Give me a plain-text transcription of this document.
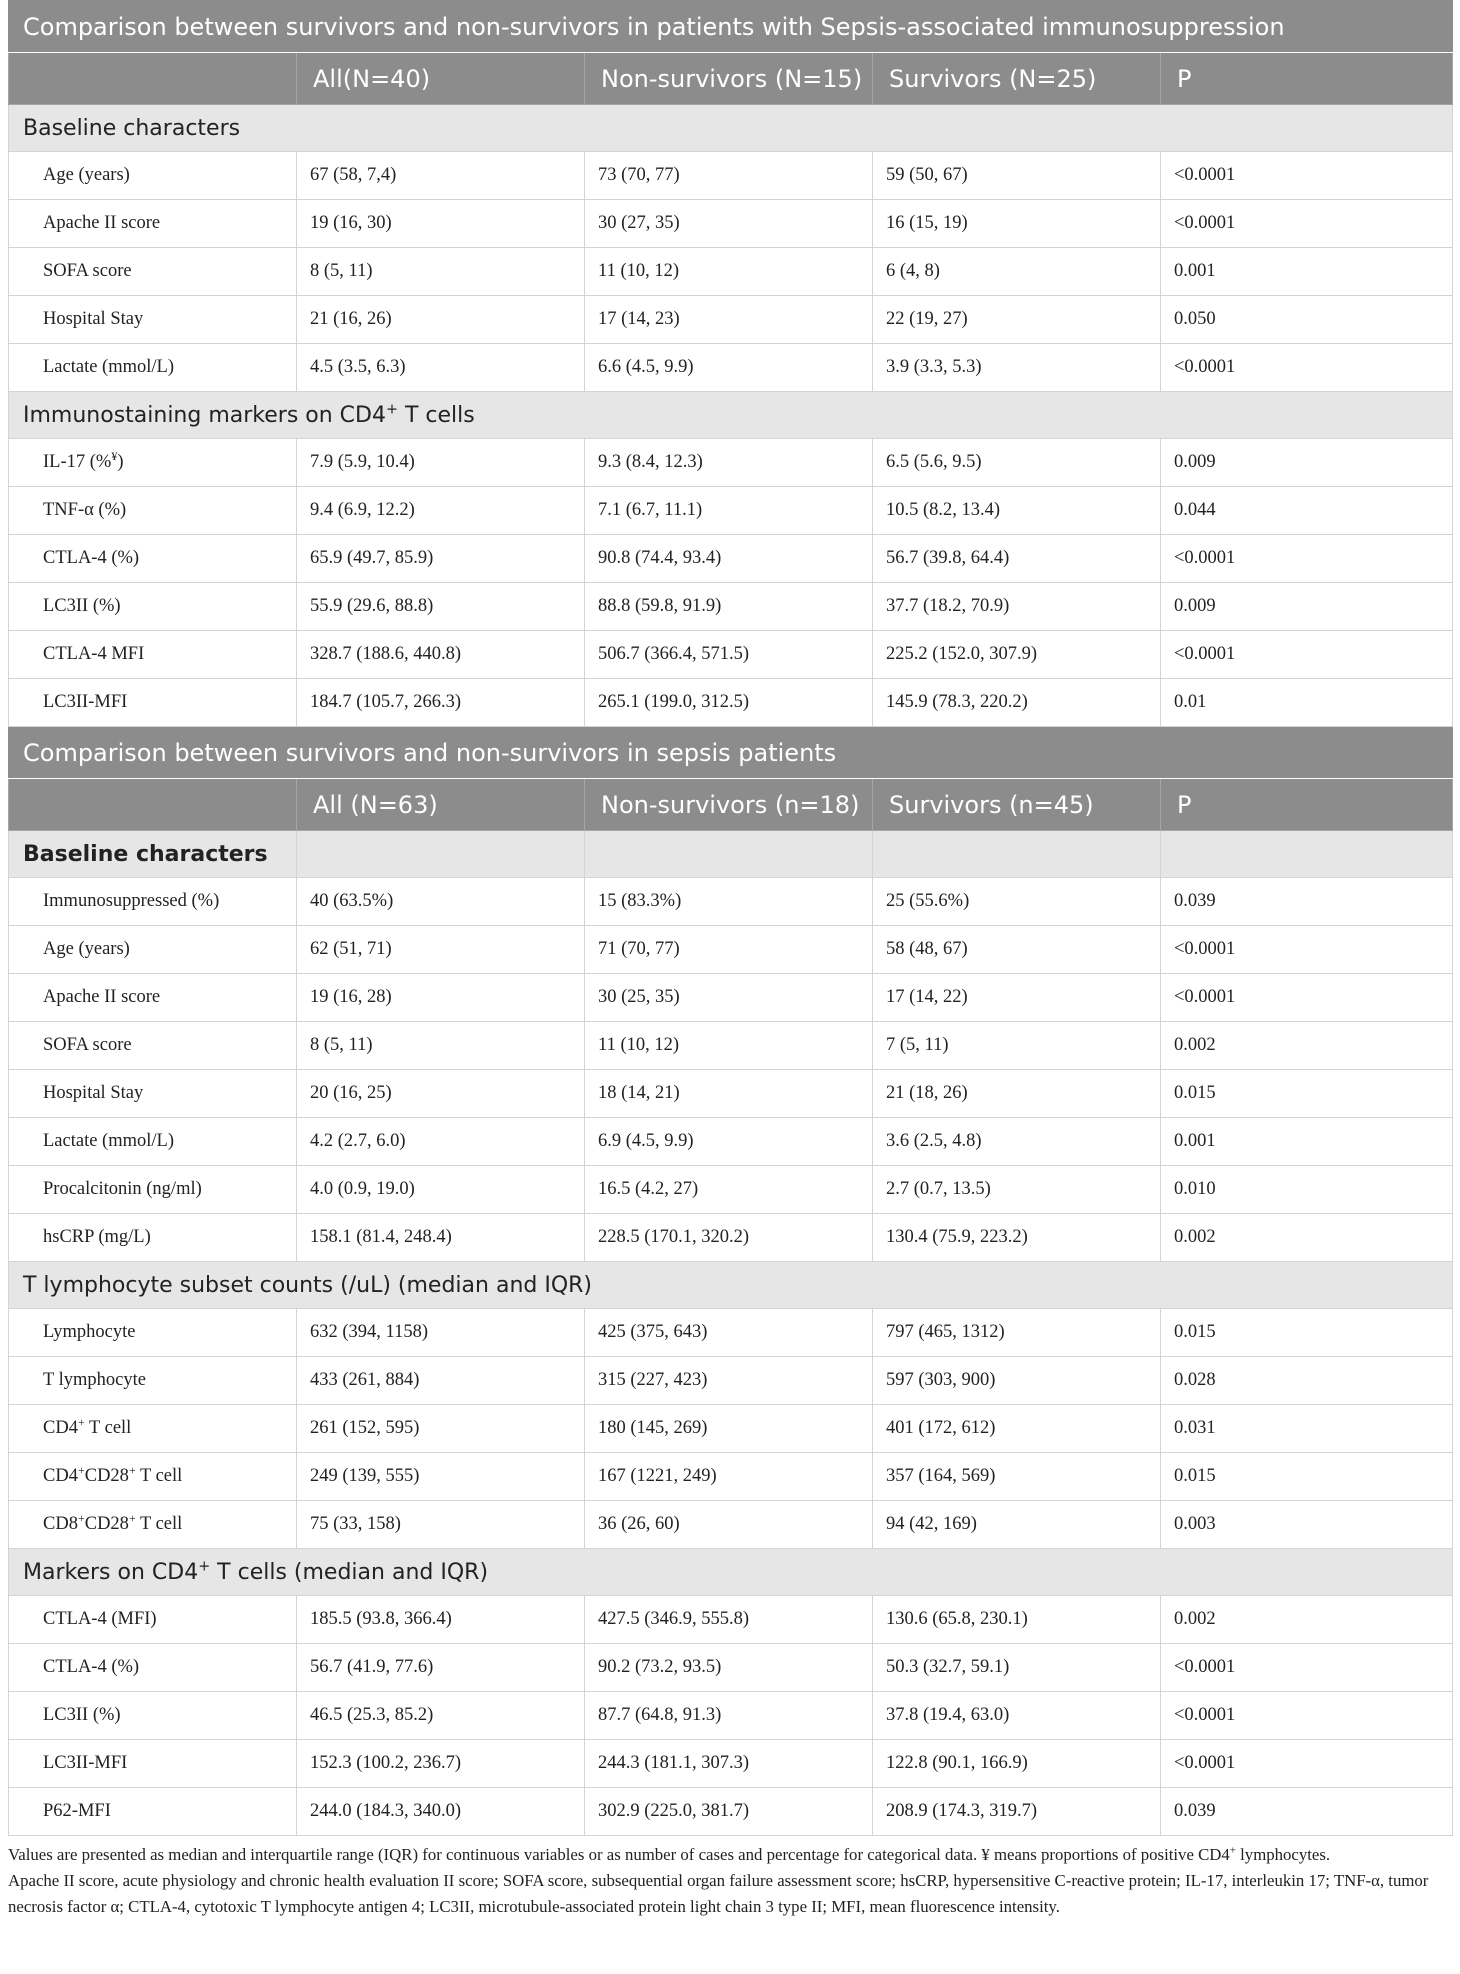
Comparison between survivors and non-survivors in patients with Sepsis-associated immunosuppression				
	All(N=40)	Non-survivors (N=15)	Survivors (N=25)	P
Baseline characters				
Age (years)	67 (58, 7,4)	73 (70, 77)	59 (50, 67)	<0.0001
Apache II score	19 (16, 30)	30 (27, 35)	16 (15, 19)	<0.0001
SOFA score	8 (5, 11)	11 (10, 12)	6 (4, 8)	0.001
Hospital Stay	21 (16, 26)	17 (14, 23)	22 (19, 27)	0.050
Lactate (mmol/L)	4.5 (3.5, 6.3)	6.6 (4.5, 9.9)	3.9 (3.3, 5.3)	<0.0001
Immunostaining markers on CD4+ T cells				
IL-17 (%¥)	7.9 (5.9, 10.4)	9.3 (8.4, 12.3)	6.5 (5.6, 9.5)	0.009
TNF-α (%)	9.4 (6.9, 12.2)	7.1 (6.7, 11.1)	10.5 (8.2, 13.4)	0.044
CTLA-4 (%)	65.9 (49.7, 85.9)	90.8 (74.4, 93.4)	56.7 (39.8, 64.4)	<0.0001
LC3II (%)	55.9 (29.6, 88.8)	88.8 (59.8, 91.9)	37.7 (18.2, 70.9)	0.009
CTLA-4 MFI	328.7 (188.6, 440.8)	506.7 (366.4, 571.5)	225.2 (152.0, 307.9)	<0.0001
LC3II-MFI	184.7 (105.7, 266.3)	265.1 (199.0, 312.5)	145.9 (78.3, 220.2)	0.01
Comparison between survivors and non-survivors in sepsis patients				
	All (N=63)	Non-survivors (n=18)	Survivors (n=45)	P
Baseline characters				
Immunosuppressed (%)	40 (63.5%)	15 (83.3%)	25 (55.6%)	0.039
Age (years)	62 (51, 71)	71 (70, 77)	58 (48, 67)	<0.0001
Apache II score	19 (16, 28)	30 (25, 35)	17 (14, 22)	<0.0001
SOFA score	8 (5, 11)	11 (10, 12)	7 (5, 11)	0.002
Hospital Stay	20 (16, 25)	18 (14, 21)	21 (18, 26)	0.015
Lactate (mmol/L)	4.2 (2.7, 6.0)	6.9 (4.5, 9.9)	3.6 (2.5, 4.8)	0.001
Procalcitonin (ng/ml)	4.0 (0.9, 19.0)	16.5 (4.2, 27)	2.7 (0.7, 13.5)	0.010
hsCRP (mg/L)	158.1 (81.4, 248.4)	228.5 (170.1, 320.2)	130.4 (75.9, 223.2)	0.002
T lymphocyte subset counts (/uL) (median and IQR)				
Lymphocyte	632 (394, 1158)	425 (375, 643)	797 (465, 1312)	0.015
T lymphocyte	433 (261, 884)	315 (227, 423)	597 (303, 900)	0.028
CD4+ T cell	261 (152, 595)	180 (145, 269)	401 (172, 612)	0.031
CD4+CD28+ T cell	249 (139, 555)	167 (1221, 249)	357 (164, 569)	0.015
CD8+CD28+ T cell	75 (33, 158)	36 (26, 60)	94 (42, 169)	0.003
Markers on CD4+ T cells (median and IQR)				
CTLA-4 (MFI)	185.5 (93.8, 366.4)	427.5 (346.9, 555.8)	130.6 (65.8, 230.1)	0.002
CTLA-4 (%)	56.7 (41.9, 77.6)	90.2 (73.2, 93.5)	50.3 (32.7, 59.1)	<0.0001
LC3II (%)	46.5 (25.3, 85.2)	87.7 (64.8, 91.3)	37.8 (19.4, 63.0)	<0.0001
LC3II-MFI	152.3 (100.2, 236.7)	244.3 (181.1, 307.3)	122.8 (90.1, 166.9)	<0.0001
P62-MFI	244.0 (184.3, 340.0)	302.9 (225.0, 381.7)	208.9 (174.3, 319.7)	0.039

Values are presented as median and interquartile range (IQR) for continuous variables or as number of cases and percentage for categorical data. ¥ means proportions of positive CD4+ lymphocytes.

Apache II score, acute physiology and chronic health evaluation II score; SOFA score, subsequential organ failure assessment score; hsCRP, hypersensitive C-reactive protein; IL-17, interleukin 17; TNF-α, tumor necrosis factor α; CTLA-4, cytotoxic T lymphocyte antigen 4; LC3II, microtubule-associated protein light chain 3 type II; MFI, mean fluorescence intensity.
